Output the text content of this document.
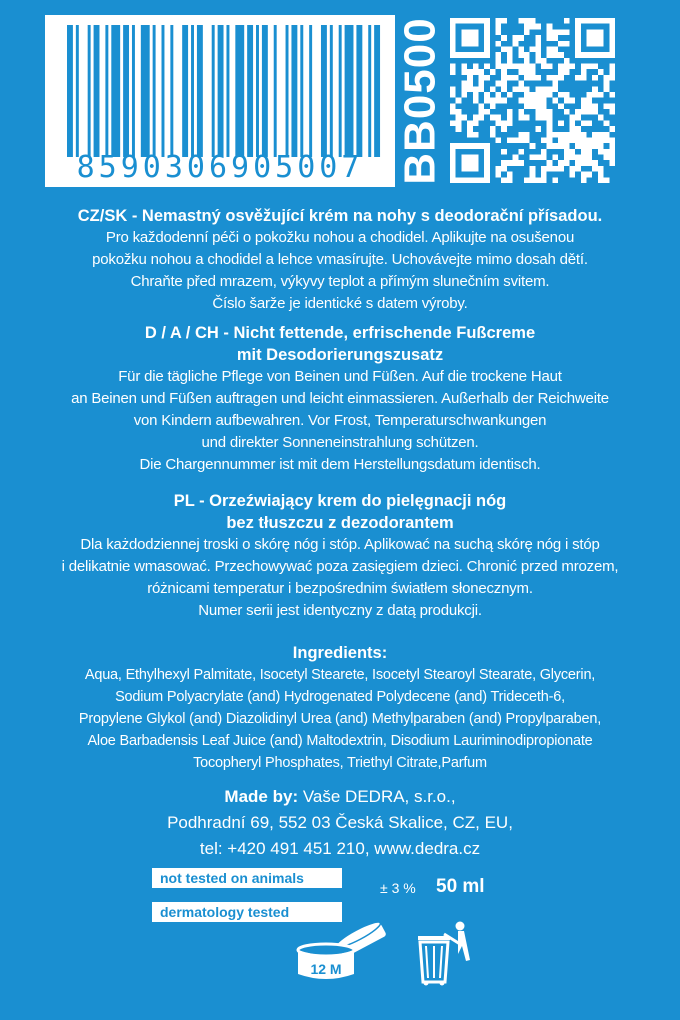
8590306905007 BB0500
CZ/SK - Nemastný osvěžující krém na nohy s deodorační přísadou.
Pro každodenní péči o pokožku nohou a chodidel. Aplikujte na osušenou
pokožku nohou a chodidel a lehce vmasírujte. Uchovávejte mimo dosah dětí.
Chraňte před mrazem, výkyvy teplot a přímým slunečním svitem.
Číslo šarže je identické s datem výroby.
D / A / CH - Nicht fettende, erfrischende Fußcreme
mit Desodorierungszusatz
Für die tägliche Pflege von Beinen und Füßen. Auf die trockene Haut
an Beinen und Füßen auftragen und leicht einmassieren. Außerhalb der Reichweite
von Kindern aufbewahren. Vor Frost, Temperaturschwankungen
und direkter Sonneneinstrahlung schützen.
Die Chargennummer ist mit dem Herstellungsdatum identisch.
PL - Orzeźwiający krem do pielęgnacji nóg
bez tłuszczu z dezodorantem
Dla każdodziennej troski o skórę nóg i stóp. Aplikować na suchą skórę nóg i stóp
i delikatnie wmasować. Przechowywać poza zasięgiem dzieci. Chronić przed mrozem,
różnicami temperatur i bezpośrednim światłem słonecznym.
Numer serii jest identyczny z datą produkcji.
Ingredients:
Aqua, Ethylhexyl Palmitate, Isocetyl Stearete, Isocetyl Stearoyl Stearate, Glycerin,
Sodium Polyacrylate (and) Hydrogenated Polydecene (and) Trideceth-6,
Propylene Glykol (and) Diazolidinyl Urea (and) Methylparaben (and) Propylparaben,
Aloe Barbadensis Leaf Juice (and) Maltodextrin, Disodium Lauriminodipropionate
Tocopheryl Phosphates, Triethyl Citrate,Parfum
Made by: Vaše DEDRA, s.r.o.,
Podhradní 69, 552 03 Česká Skalice, CZ, EU,
tel: +420 491 451 210, www.dedra.cz
not tested on animals
dermatology tested
± 3 % 50 ml
12 M
